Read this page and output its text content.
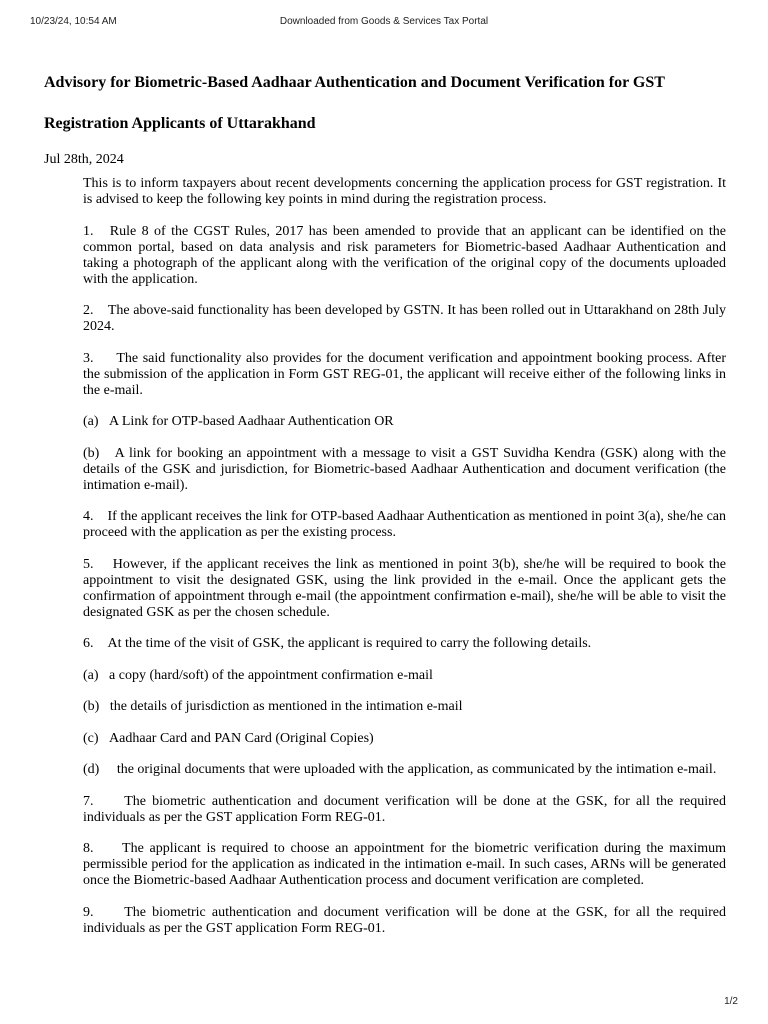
10/23/24, 10:54 AM	Downloaded from Goods & Services Tax Portal
Advisory for Biometric-Based Aadhaar Authentication and Document Verification for GST Registration Applicants of Uttarakhand
Jul 28th, 2024

This is to inform taxpayers about recent developments concerning the application process for GST registration. It is advised to keep the following key points in mind during the registration process.

1.   Rule 8 of the CGST Rules, 2017 has been amended to provide that an applicant can be identified on the common portal, based on data analysis and risk parameters for Biometric-based Aadhaar Authentication and taking a photograph of the applicant along with the verification of the original copy of the documents uploaded with the application.

2.    The above-said functionality has been developed by GSTN. It has been rolled out in Uttarakhand on 28th July 2024.

3.     The said functionality also provides for the document verification and appointment booking process. After the submission of the application in Form GST REG-01, the applicant will receive either of the following links in the e-mail.

(a)   A Link for OTP-based Aadhaar Authentication OR

(b)   A link for booking an appointment with a message to visit a GST Suvidha Kendra (GSK) along with the details of the GSK and jurisdiction, for Biometric-based Aadhaar Authentication and document verification (the intimation e-mail).

4.    If the applicant receives the link for OTP-based Aadhaar Authentication as mentioned in point 3(a), she/he can proceed with the application as per the existing process.

5.    However, if the applicant receives the link as mentioned in point 3(b), she/he will be required to book the appointment to visit the designated GSK, using the link provided in the e-mail. Once the applicant gets the confirmation of appointment through e-mail (the appointment confirmation e-mail), she/he will be able to visit the designated GSK as per the chosen schedule.

6.    At the time of the visit of GSK, the applicant is required to carry the following details.

(a)   a copy (hard/soft) of the appointment confirmation e-mail

(b)   the details of jurisdiction as mentioned in the intimation e-mail

(c)   Aadhaar Card and PAN Card (Original Copies)

(d)     the original documents that were uploaded with the application, as communicated by the intimation e-mail.

7.     The biometric authentication and document verification will be done at the GSK, for all the required individuals as per the GST application Form REG-01.

8.     The applicant is required to choose an appointment for the biometric verification during the maximum permissible period for the application as indicated in the intimation e-mail. In such cases, ARNs will be generated once the Biometric-based Aadhaar Authentication process and document verification are completed.

9.     The biometric authentication and document verification will be done at the GSK, for all the required individuals as per the GST application Form REG-01.

1/2
